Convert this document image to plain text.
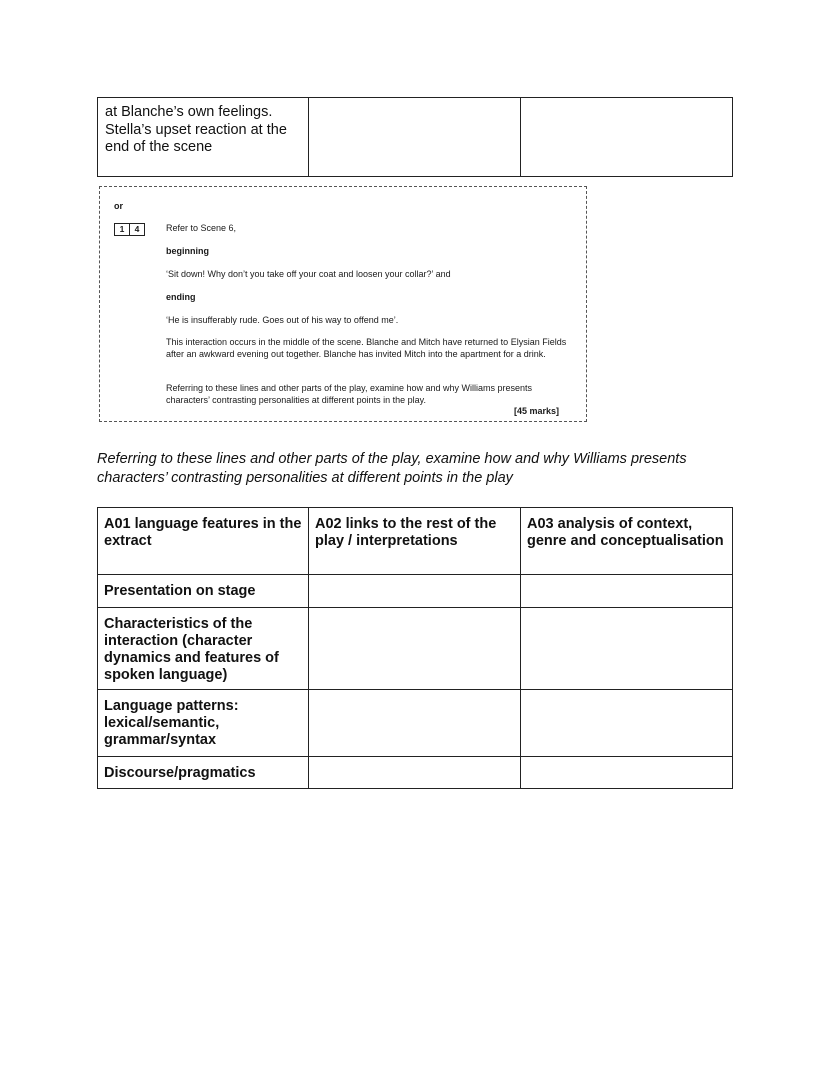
at Blanche’s own feelings. Stella’s upset reaction at the end of the scene		
or
1	4	Refer to Scene 6,
beginning
‘Sit down! Why don’t you take off your coat and loosen your collar?’ and
ending
‘He is insufferably rude. Goes out of his way to offend me’.
This interaction occurs in the middle of the scene. Blanche and Mitch have returned to Elysian Fields after an awkward evening out together. Blanche has invited Mitch into the apartment for a drink.
Referring to these lines and other parts of the play, examine how and why Williams presents characters’ contrasting personalities at different points in the play.
[45 marks]
Referring to these lines and other parts of the play, examine how and why Williams presents characters’ contrasting personalities at different points in the play
A01 language features in the extract	A02 links to the rest of the play / interpretations	A03 analysis of context, genre and conceptualisation
Presentation on stage		
Characteristics of the interaction (character dynamics and features of spoken language)		
Language patterns: lexical/semantic, grammar/syntax		
Discourse/pragmatics		
